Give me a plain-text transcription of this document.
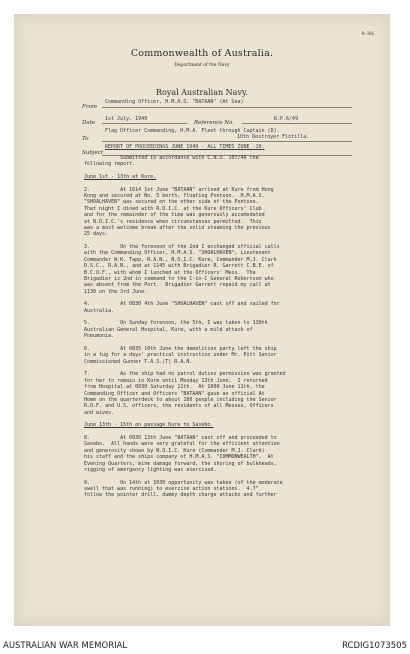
N-306
Commonwealth of Australia.
Department of the Navy
Royal Australian Navy.
From
Commanding Officer, H.M.A.S. "BATAAN" (At Sea)
Date
1st July, 1949
Reference No.
R.P.6/49
To
Flag Officer Commanding, H.M.A. Fleet through Captain (D).
10th Destroyer Flotilla.
Subject
REPORT OF PROCEEDINGS JUNE 1949 - ALL TIMES ZONE -10.

Submitted in accordance with C.N.O. 107/48 the
following report.

June 1st - 13th at Kure.

2.          At 1614 1st June "BATAAN" arrived at Kure from Hong
Kong and secured at No. 5 berth, floating Pontoon.  H.M.A.S.
"SHOALHAVEN" was secured on the other side of the Pontoon.
That night I dined with R.O.I.C. at the Kure Officers' Club
and for the remainder of the time was generously accomodated
at N.O.I.C.'s residence when circumstances permitted.  This
was a most welcome break after the solid steaming the previous
25 days.

3.          On the forenoon of the 2nd I exchanged official calls
with the Commanding Officer, H.M.A.S. "SHOALHAVEN", Lieutenant
Commander W.K. Tapp, R.A.N., N.O.I.C. Kure, Commander M.J. Clark
D.S.C., R.A.N., and at 1145 with Brigadier R. Garrett C.B.E. of
B.C.O.F., with whom I lunched at the Officers' Mess.  The
Brigadier is 2nd in command to the C-in-C General Robertson who
was absent from the Port.  Brigadier Garrett repaid my call at
1130 on the 3rd June.

4.          At 0830 4th June "SHOALHAVEN" cast off and sailed for
Australia.

5.          On Sunday forenoon, the 5th, I was taken to 130th
Australian General Hospital, Kure, with a mild attack of
Pneumonia.

6.          At 0835 10th June the demolition party left the ship
in a tug for a days' practical instruction under Mr. Pitt Senior
Commissioned Gunner T.A.S.(T) R.A.N.

7.          As the ship had no patrol duties permission was granted
for her to remain in Kure until Monday 13th June.  I returned
from Hospital at 0930 Saturday 11th.  At 1000 June 11th, the
Commanding Officer and Officers "BATAAN" gave an official At
Home on the quarterdeck to about 100 people including the Senior
R.O.F. and U.S. officers, the residents of all Messes, Officers
and wives.

June 13th - 15th on passage Kure to Sasebo.

8.          At 0930 13th June "BATAAN" cast off and proceeded to
Sasebo.  All hands were very grateful for the efficient attention
and generosity shown by N.O.I.C. Kure (Commander M.J. Clark)
his staff and the ships company of H.M.A.S. "COMMONWEALTH".  At
Evening Quarters, mine damage forward, the shoring of bulkheads,
rigging of emergency lighting was exercised.

9.          On 14th at 1030 opportunity was taken (of the moderate
swell that was running) to exercise action stations.  4.7"
follow the pointer drill, dummy depth charge attacks and further

AUSTRALIAN WAR MEMORIAL	RCDIG1073505
